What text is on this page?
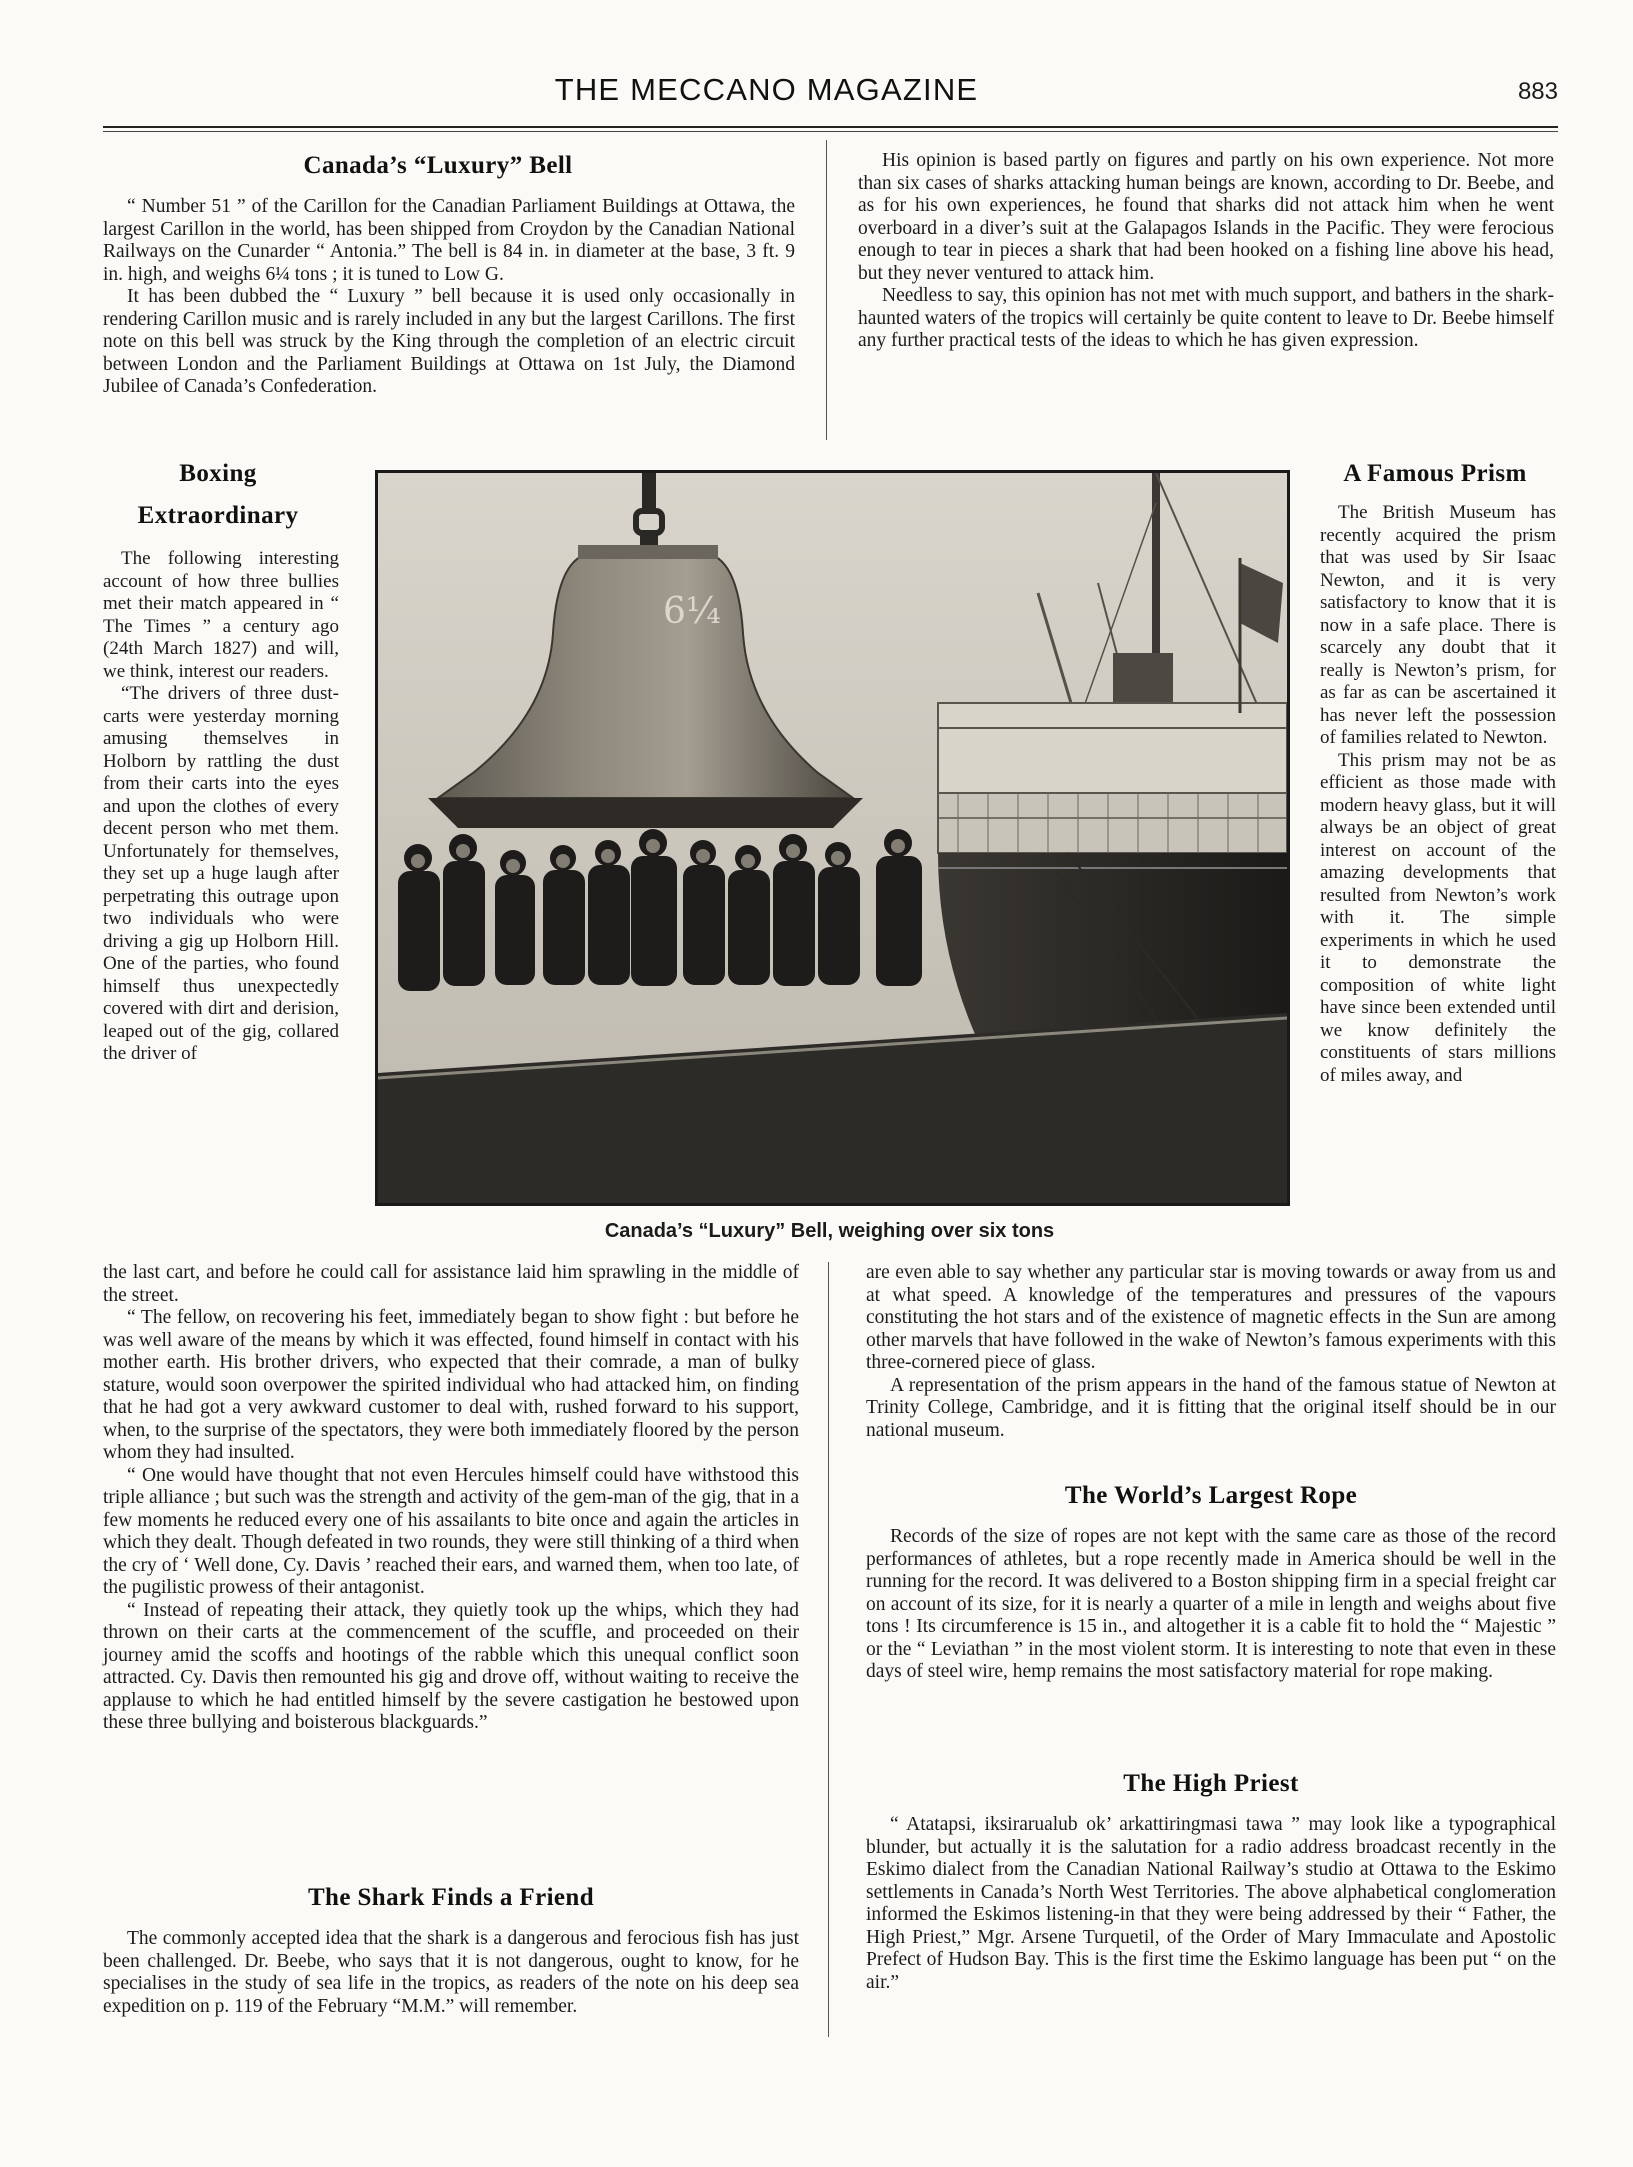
THE MECCANO MAGAZINE	883
Canada’s “Luxury” Bell

“ Number 51 ” of the Carillon for the Canadian Parliament Buildings at Ottawa, the largest Carillon in the world, has been shipped from Croydon by the Canadian National Railways on the Cunarder “ Antonia.” The bell is 84 in. in diameter at the base, 3 ft. 9 in. high, and weighs 6¼ tons ; it is tuned to Low G.

It has been dubbed the “ Luxury ” bell because it is used only occasionally in rendering Carillon music and is rarely included in any but the largest Carillons. The first note on this bell was struck by the King through the completion of an electric circuit between London and the Parliament Buildings at Ottawa on 1st July, the Diamond Jubilee of Canada’s Confederation.

His opinion is based partly on figures and partly on his own experience. Not more than six cases of sharks attacking human beings are known, according to Dr. Beebe, and as for his own experiences, he found that sharks did not attack him when he went overboard in a diver’s suit at the Galapagos Islands in the Pacific. They were ferocious enough to tear in pieces a shark that had been hooked on a fishing line above his head, but they never ventured to attack him.

Needless to say, this opinion has not met with much support, and bathers in the shark-haunted waters of the tropics will certainly be quite content to leave to Dr. Beebe himself any further practical tests of the ideas to which he has given expression.

Boxing
Extraordinary

The following interesting account of how three bullies met their match appeared in “ The Times ” a century ago (24th March 1827) and will, we think, interest our readers.

“The drivers of three dust-carts were yesterday morning amusing themselves in Holborn by rattling the dust from their carts into the eyes and upon the clothes of every decent person who met them. Unfortunately for themselves, they set up a huge laugh after perpetrating this outrage upon two individuals who were driving a gig up Holborn Hill. One of the parties, who found himself thus unexpectedly covered with dirt and derision, leaped out of the gig, collared the driver of

6¼
Canada’s “Luxury” Bell, weighing over six tons
A Famous Prism

The British Museum has recently acquired the prism that was used by Sir Isaac Newton, and it is very satisfactory to know that it is now in a safe place. There is scarcely any doubt that it really is Newton’s prism, for as far as can be ascertained it has never left the possession of families related to Newton.

This prism may not be as efficient as those made with modern heavy glass, but it will always be an object of great interest on account of the amazing developments that resulted from Newton’s work with it. The simple experiments in which he used it to demonstrate the composition of white light have since been extended until we know definitely the constituents of stars millions of miles away, and

the last cart, and before he could call for assistance laid him sprawling in the middle of the street.

“ The fellow, on recovering his feet, immediately began to show fight : but before he was well aware of the means by which it was effected, found himself in contact with his mother earth. His brother drivers, who expected that their comrade, a man of bulky stature, would soon overpower the spirited individual who had attacked him, on finding that he had got a very awkward customer to deal with, rushed forward to his support, when, to the surprise of the spectators, they were both immediately floored by the person whom they had insulted.

“ One would have thought that not even Hercules himself could have withstood this triple alliance ; but such was the strength and activity of the gem-man of the gig, that in a few moments he reduced every one of his assailants to bite once and again the articles in which they dealt. Though defeated in two rounds, they were still thinking of a third when the cry of ‘ Well done, Cy. Davis ’ reached their ears, and warned them, when too late, of the pugilistic prowess of their antagonist.

“ Instead of repeating their attack, they quietly took up the whips, which they had thrown on their carts at the commencement of the scuffle, and proceeded on their journey amid the scoffs and hootings of the rabble which this unequal conflict soon attracted. Cy. Davis then remounted his gig and drove off, without waiting to receive the applause to which he had entitled himself by the severe castigation he bestowed upon these three bullying and boisterous blackguards.”

The Shark Finds a Friend

The commonly accepted idea that the shark is a dangerous and ferocious fish has just been challenged. Dr. Beebe, who says that it is not dangerous, ought to know, for he specialises in the study of sea life in the tropics, as readers of the note on his deep sea expedition on p. 119 of the February “M.M.” will remember.

are even able to say whether any particular star is moving towards or away from us and at what speed. A knowledge of the temperatures and pressures of the vapours constituting the hot stars and of the existence of magnetic effects in the Sun are among other marvels that have followed in the wake of Newton’s famous experiments with this three-cornered piece of glass.

A representation of the prism appears in the hand of the famous statue of Newton at Trinity College, Cambridge, and it is fitting that the original itself should be in our national museum.

The World’s Largest Rope

Records of the size of ropes are not kept with the same care as those of the record performances of athletes, but a rope recently made in America should be well in the running for the record. It was delivered to a Boston shipping firm in a special freight car on account of its size, for it is nearly a quarter of a mile in length and weighs about five tons ! Its circumference is 15 in., and altogether it is a cable fit to hold the “ Majestic ” or the “ Leviathan ” in the most violent storm. It is interesting to note that even in these days of steel wire, hemp remains the most satisfactory material for rope making.

The High Priest

“ Atatapsi, iksirarualub ok’ arkattiringmasi tawa ” may look like a typographical blunder, but actually it is the salutation for a radio address broadcast recently in the Eskimo dialect from the Canadian National Railway’s studio at Ottawa to the Eskimo settlements in Canada’s North West Territories. The above alphabetical conglomeration informed the Eskimos listening-in that they were being addressed by their “ Father, the High Priest,” Mgr. Arsene Turquetil, of the Order of Mary Immaculate and Apostolic Prefect of Hudson Bay. This is the first time the Eskimo language has been put “ on the air.”
